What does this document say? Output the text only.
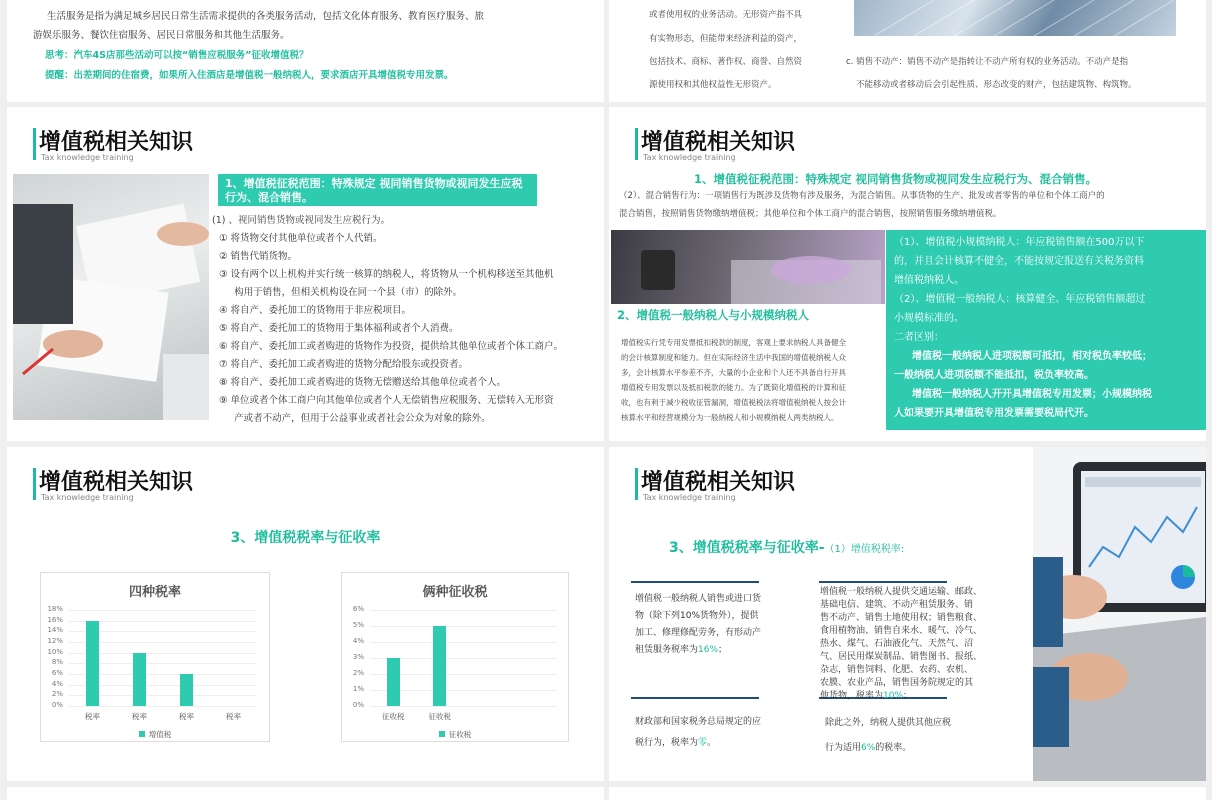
生活服务是指为满足城乡居民日常生活需求提供的各类服务活动，包括文化体育服务、教育医疗服务、旅
游娱乐服务、餐饮住宿服务、居民日常服务和其他生活服务。
思考：汽车4S店那些活动可以按“销售应税服务”征收增值税？
提醒：出差期间的住宿费，如果所入住酒店是增值税一般纳税人，要求酒店开具增值税专用发票。
或者使用权的业务活动。无形资产指不具
有实物形态，但能带来经济利益的资产，
包括技术、商标、著作权、商誉、自然资
源使用权和其他权益性无形资产。
c. 销售不动产：销售不动产是指转让不动产所有权的业务活动。不动产是指
不能移动或者移动后会引起性质、形态改变的财产，包括建筑物、构筑物。
增值税相关知识
Tax knowledge training
1、增值税征税范围：特殊规定 视同销售货物或视同发生应税行为、混合销售。
(1) 、视同销售货物或视同发生应税行为。
① 将货物交付其他单位或者个人代销。
② 销售代销货物。
③ 设有两个以上机构并实行统一核算的纳税人，将货物从一个机构移送至其他机
构用于销售，但相关机构设在同一个县（市）的除外。
④ 将自产、委托加工的货物用于非应税项目。
⑤ 将自产、委托加工的货物用于集体福利或者个人消费。
⑥ 将自产、委托加工或者购进的货物作为投资，提供给其他单位或者个体工商户。
⑦ 将自产、委托加工或者购进的货物分配给股东或投资者。
⑧ 将自产、委托加工或者购进的货物无偿赠送给其他单位或者个人。
⑨ 单位或者个体工商户向其他单位或者个人无偿销售应税服务、无偿转入无形资
产或者不动产，但用于公益事业或者社会公众为对象的除外。
增值税相关知识
Tax knowledge training
1、增值税征税范围：特殊规定 视同销售货物或视同发生应税行为、混合销售。
（2）、混合销售行为：一项销售行为既涉及货物有涉及服务，为混合销售。从事货物的生产、批发或者零售的单位和个体工商户的
混合销售，按照销售货物缴纳增值税；其他单位和个体工商户的混合销售，按照销售服务缴纳增值税。
2、增值税一般纳税人与小规模纳税人
增值税实行凭专用发票抵扣税款的制度，客观上要求纳税人具备健全
的会计核算制度和能力。但在实际经济生活中我国的增值税纳税人众
多，会计核算水平参差不齐，大量的小企业和个人还不具备自行开具
增值税专用发票以及抵扣税款的能力。为了既简化增值税的计算和征
收，也有利于减少税收征管漏洞，增值税税法将增值税纳税人按会计
核算水平和经营规模分为一般纳税人和小规模纳税人两类纳税人。
（1）、增值税小规模纳税人：年应税销售额在500万以下
的，并且会计核算不健全，不能按规定报送有关税务资料
增值税纳税人。
（2）、增值税一般纳税人：核算健全、年应税销售额超过
小规模标准的。
二者区别：
增值税一般纳税人进项税额可抵扣，相对税负率较低；
一般纳税人进项税额不能抵扣，税负率较高。
增值税一般纳税人开开具增值税专用发票；小规模纳税
人如果要开具增值税专用发票需要税局代开。
增值税相关知识
Tax knowledge training
3、增值税税率与征收率
四种税率
0%
2%
4%
6%
8%
10%
12%
14%
16%
18%
税率	税率	税率	税率
增值税
俩种征收税
0%
1%
2%
3%
4%
5%
6%
征收税	征收税
征收税
增值税相关知识
Tax knowledge training
3、增值税税率与征收率-（1）增值税税率:
增值税一般纳税人销售或进口货
物（除下列10%货物外），提供
加工、修理修配劳务，有形动产
租赁服务税率为16%；
增值税一般纳税人提供交通运输、邮政、
基础电信、建筑、不动产租赁服务、销
售不动产、销售土地使用权；销售粮食、
食用植物油、销售自来水、暖气、冷气、
热水、煤气、石油液化气、天然气、沼
气、居民用煤炭制品、销售图书、报纸、
杂志，销售饲料、化肥、农药、农机、
农膜、农业产品，销售国务院规定的其
他货物，税率为10%；
财政部和国家税务总局规定的应
税行为，税率为零。
除此之外，纳税人提供其他应税
行为适用6%的税率。
